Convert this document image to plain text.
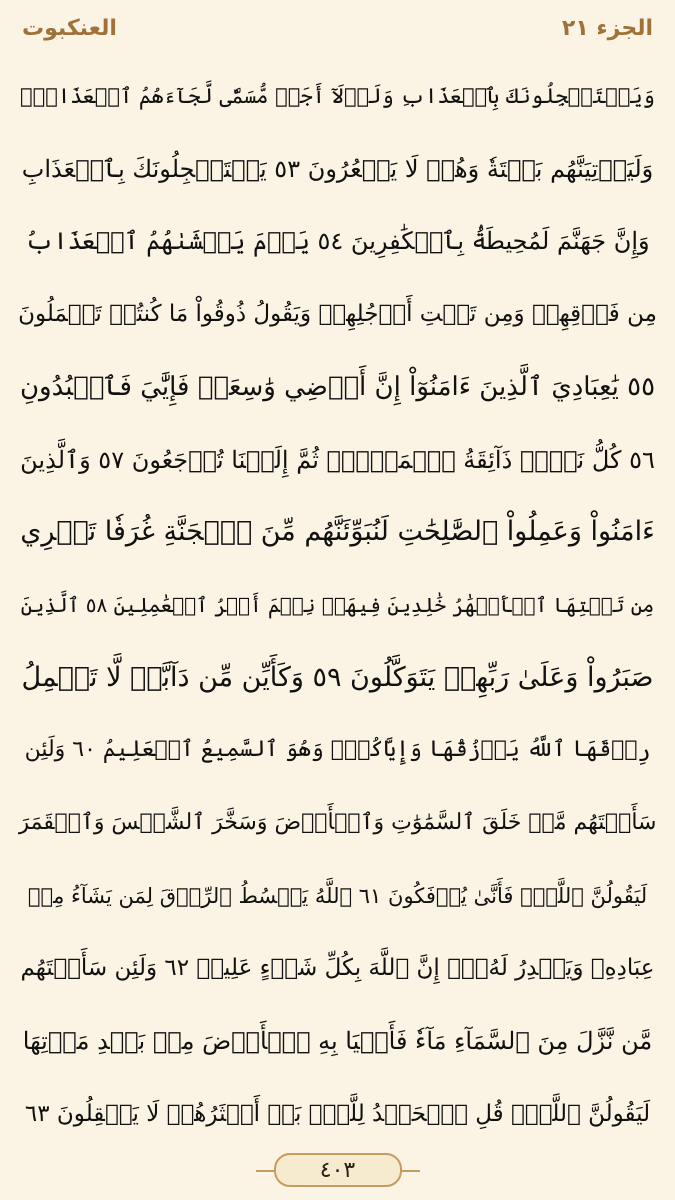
الجزء ٢١
العنكبوت
وَيَسۡتَعۡجِلُونَكَ بِٱلۡعَذَابِ وَلَوۡلَآ أَجَلٞ مُّسَمّٗى لَّجَآءَهُمُ ٱلۡعَذَابُۚ
وَلَيَأۡتِيَنَّهُم بَغۡتَةٗ وَهُمۡ لَا يَشۡعُرُونَ ٥٣ يَسۡتَعۡجِلُونَكَ بِٱلۡعَذَابِ
وَإِنَّ جَهَنَّمَ لَمُحِيطَةُۢ بِٱلۡكَٰفِرِينَ ٥٤ يَوۡمَ يَغۡشَىٰهُمُ ٱلۡعَذَابُ
مِن فَوۡقِهِمۡ وَمِن تَحۡتِ أَرۡجُلِهِمۡ وَيَقُولُ ذُوقُواْ مَا كُنتُمۡ تَعۡمَلُونَ
٥٥ يَٰعِبَادِيَ ٱلَّذِينَ ءَامَنُوٓاْ إِنَّ أَرۡضِي وَٰسِعَةٞ فَإِيَّٰيَ فَٱعۡبُدُونِ
٥٦ كُلُّ نَفۡسٖ ذَآئِقَةُ ٱلۡمَوۡتِۖ ثُمَّ إِلَيۡنَا تُرۡجَعُونَ ٥٧ وَٱلَّذِينَ
ءَامَنُواْ وَعَمِلُواْ ٱلصَّٰلِحَٰتِ لَنُبَوِّئَنَّهُم مِّنَ ٱلۡجَنَّةِ غُرَفٗا تَجۡرِي
مِن تَحۡتِهَا ٱلۡأَنۡهَٰرُ خَٰلِدِينَ فِيهَاۚ نِعۡمَ أَجۡرُ ٱلۡعَٰمِلِينَ ٥٨ ٱلَّذِينَ
صَبَرُواْ وَعَلَىٰ رَبِّهِمۡ يَتَوَكَّلُونَ ٥٩ وَكَأَيِّن مِّن دَآبَّةٖ لَّا تَحۡمِلُ
رِزۡقَهَا ٱللَّهُ يَرۡزُقُهَا وَإِيَّاكُمۡۚ وَهُوَ ٱلسَّمِيعُ ٱلۡعَلِيمُ ٦٠ وَلَئِن
سَأَلۡتَهُم مَّنۡ خَلَقَ ٱلسَّمَٰوَٰتِ وَٱلۡأَرۡضَ وَسَخَّرَ ٱلشَّمۡسَ وَٱلۡقَمَرَ
لَيَقُولُنَّ ٱللَّهُۖ فَأَنَّىٰ يُؤۡفَكُونَ ٦١ ٱللَّهُ يَبۡسُطُ ٱلرِّزۡقَ لِمَن يَشَآءُ مِنۡ
عِبَادِهِۦ وَيَقۡدِرُ لَهُۥٓۚ إِنَّ ٱللَّهَ بِكُلِّ شَيۡءٍ عَلِيمٞ ٦٢ وَلَئِن سَأَلۡتَهُم
مَّن نَّزَّلَ مِنَ ٱلسَّمَآءِ مَآءٗ فَأَحۡيَا بِهِ ٱلۡأَرۡضَ مِنۢ بَعۡدِ مَوۡتِهَا
لَيَقُولُنَّ ٱللَّهُۚ قُلِ ٱلۡحَمۡدُ لِلَّهِۚ بَلۡ أَكۡثَرُهُمۡ لَا يَعۡقِلُونَ ٦٣
٤٠٣
